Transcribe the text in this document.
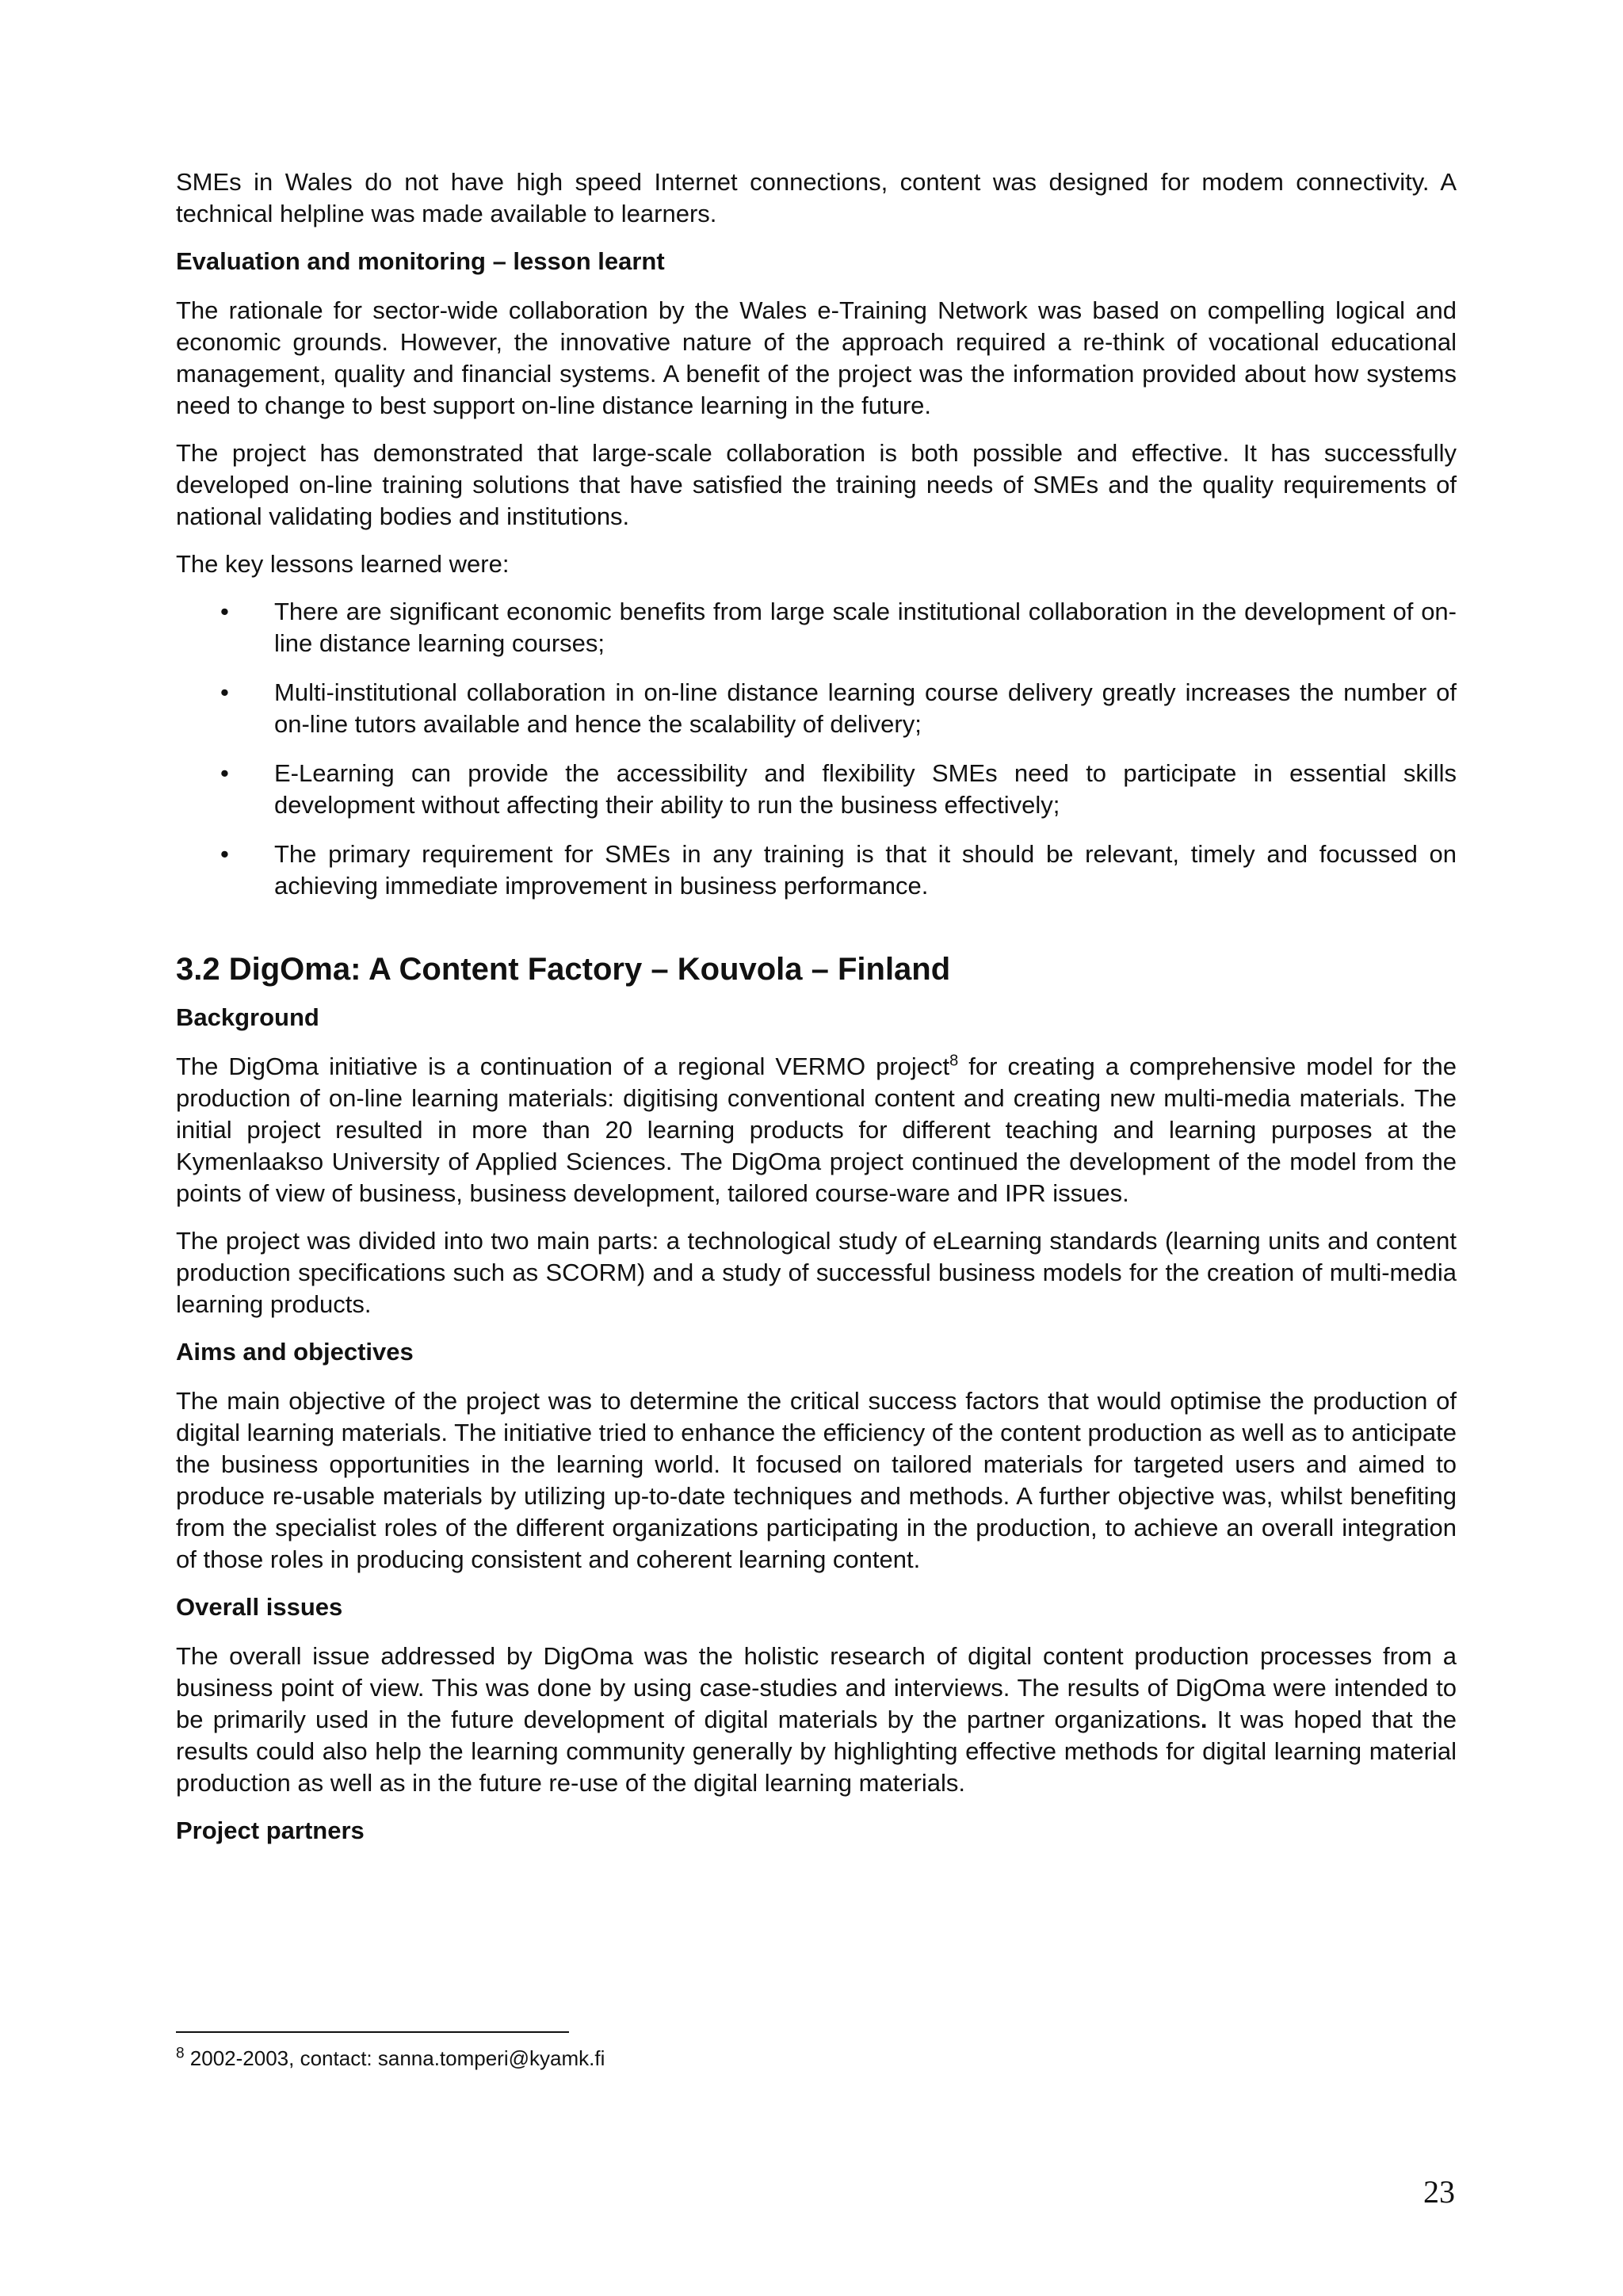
SMEs in Wales do not have high speed Internet connections, content was designed for modem connectivity. A technical helpline was made available to learners.

Evaluation and monitoring – lesson learnt

The rationale for sector-wide collaboration by the Wales e-Training Network was based on compelling logical and economic grounds. However, the innovative nature of the approach required a re-think of vocational educational management, quality and financial systems. A benefit of the project was the information provided about how systems need to change to best support on-line distance learning in the future.

The project has demonstrated that large-scale collaboration is both possible and effective. It has successfully developed on-line training solutions that have satisfied the training needs of SMEs and the quality requirements of national validating bodies and institutions.

The key lessons learned were:

• There are significant economic benefits from large scale institutional collaboration in the development of on-line distance learning courses;
• Multi-institutional collaboration in on-line distance learning course delivery greatly increases the number of on-line tutors available and hence the scalability of delivery;
• E-Learning can provide the accessibility and flexibility SMEs need to participate in essential skills development without affecting their ability to run the business effectively;
• The primary requirement for SMEs in any training is that it should be relevant, timely and focussed on achieving immediate improvement in business performance.
3.2 DigOma: A Content Factory – Kouvola – Finland
Background

The DigOma initiative is a continuation of a regional VERMO project$^8$ for creating a comprehensive model for the production of on-line learning materials: digitising conventional content and creating new multi-media materials. The initial project resulted in more than 20 learning products for different teaching and learning purposes at the Kymenlaakso University of Applied Sciences. The DigOma project continued the development of the model from the points of view of business, business development, tailored course-ware and IPR issues.

The project was divided into two main parts: a technological study of eLearning standards (learning units and content production specifications such as SCORM) and a study of successful business models for the creation of multi-media learning products.

Aims and objectives

The main objective of the project was to determine the critical success factors that would optimise the production of digital learning materials. The initiative tried to enhance the efficiency of the content production as well as to anticipate the business opportunities in the learning world. It focused on tailored materials for targeted users and aimed to produce re-usable materials by utilizing up-to-date techniques and methods. A further objective was, whilst benefiting from the specialist roles of the different organizations participating in the production, to achieve an overall integration of those roles in producing consistent and coherent learning content.

Overall issues

The overall issue addressed by DigOma was the holistic research of digital content production processes from a business point of view. This was done by using case-studies and interviews. The results of DigOma were intended to be primarily used in the future development of digital materials by the partner organizations. It was hoped that the results could also help the learning community generally by highlighting effective methods for digital learning material production as well as in the future re-use of the digital learning materials.

Project partners
$^8$ 2002-2003, contact: sanna.tomperi@kyamk.fi
23
